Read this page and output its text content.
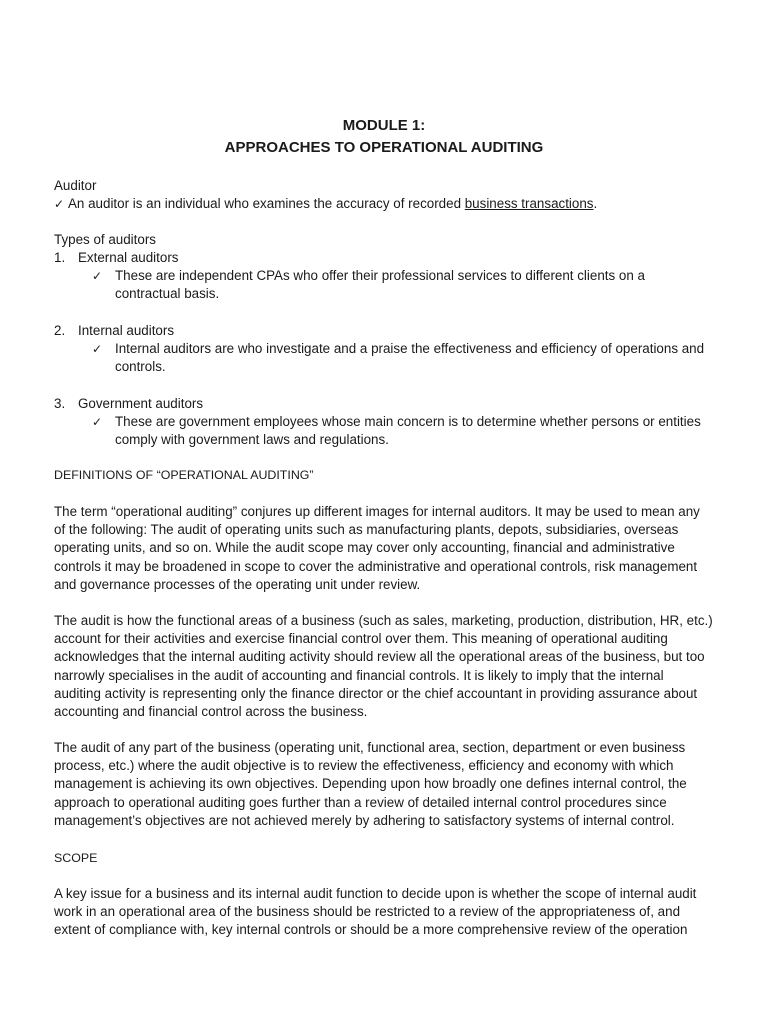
MODULE 1:
APPROACHES TO OPERATIONAL AUDITING
Auditor
✓ An auditor is an individual who examines the accuracy of recorded business transactions.
Types of auditors
1. External auditors
✓ These are independent CPAs who offer their professional services to different clients on a contractual basis.
2. Internal auditors
✓ Internal auditors are who investigate and a praise the effectiveness and efficiency of operations and controls.
3. Government auditors
✓ These are government employees whose main concern is to determine whether persons or entities comply with government laws and regulations.
DEFINITIONS OF “OPERATIONAL AUDITING”

The term “operational auditing” conjures up different images for internal auditors. It may be used to mean any of the following: The audit of operating units such as manufacturing plants, depots, subsidiaries, overseas operating units, and so on. While the audit scope may cover only accounting, financial and administrative controls it may be broadened in scope to cover the administrative and operational controls, risk management and governance processes of the operating unit under review.

The audit is how the functional areas of a business (such as sales, marketing, production, distribution, HR, etc.) account for their activities and exercise financial control over them. This meaning of operational auditing acknowledges that the internal auditing activity should review all the operational areas of the business, but too narrowly specialises in the audit of accounting and financial controls. It is likely to imply that the internal auditing activity is representing only the finance director or the chief accountant in providing assurance about accounting and financial control across the business.

The audit of any part of the business (operating unit, functional area, section, department or even business process, etc.) where the audit objective is to review the effectiveness, efficiency and economy with which management is achieving its own objectives. Depending upon how broadly one defines internal control, the approach to operational auditing goes further than a review of detailed internal control procedures since management’s objectives are not achieved merely by adhering to satisfactory systems of internal control.

SCOPE

A key issue for a business and its internal audit function to decide upon is whether the scope of internal audit work in an operational area of the business should be restricted to a review of the appropriateness of, and extent of compliance with, key internal controls or should be a more comprehensive review of the operation
